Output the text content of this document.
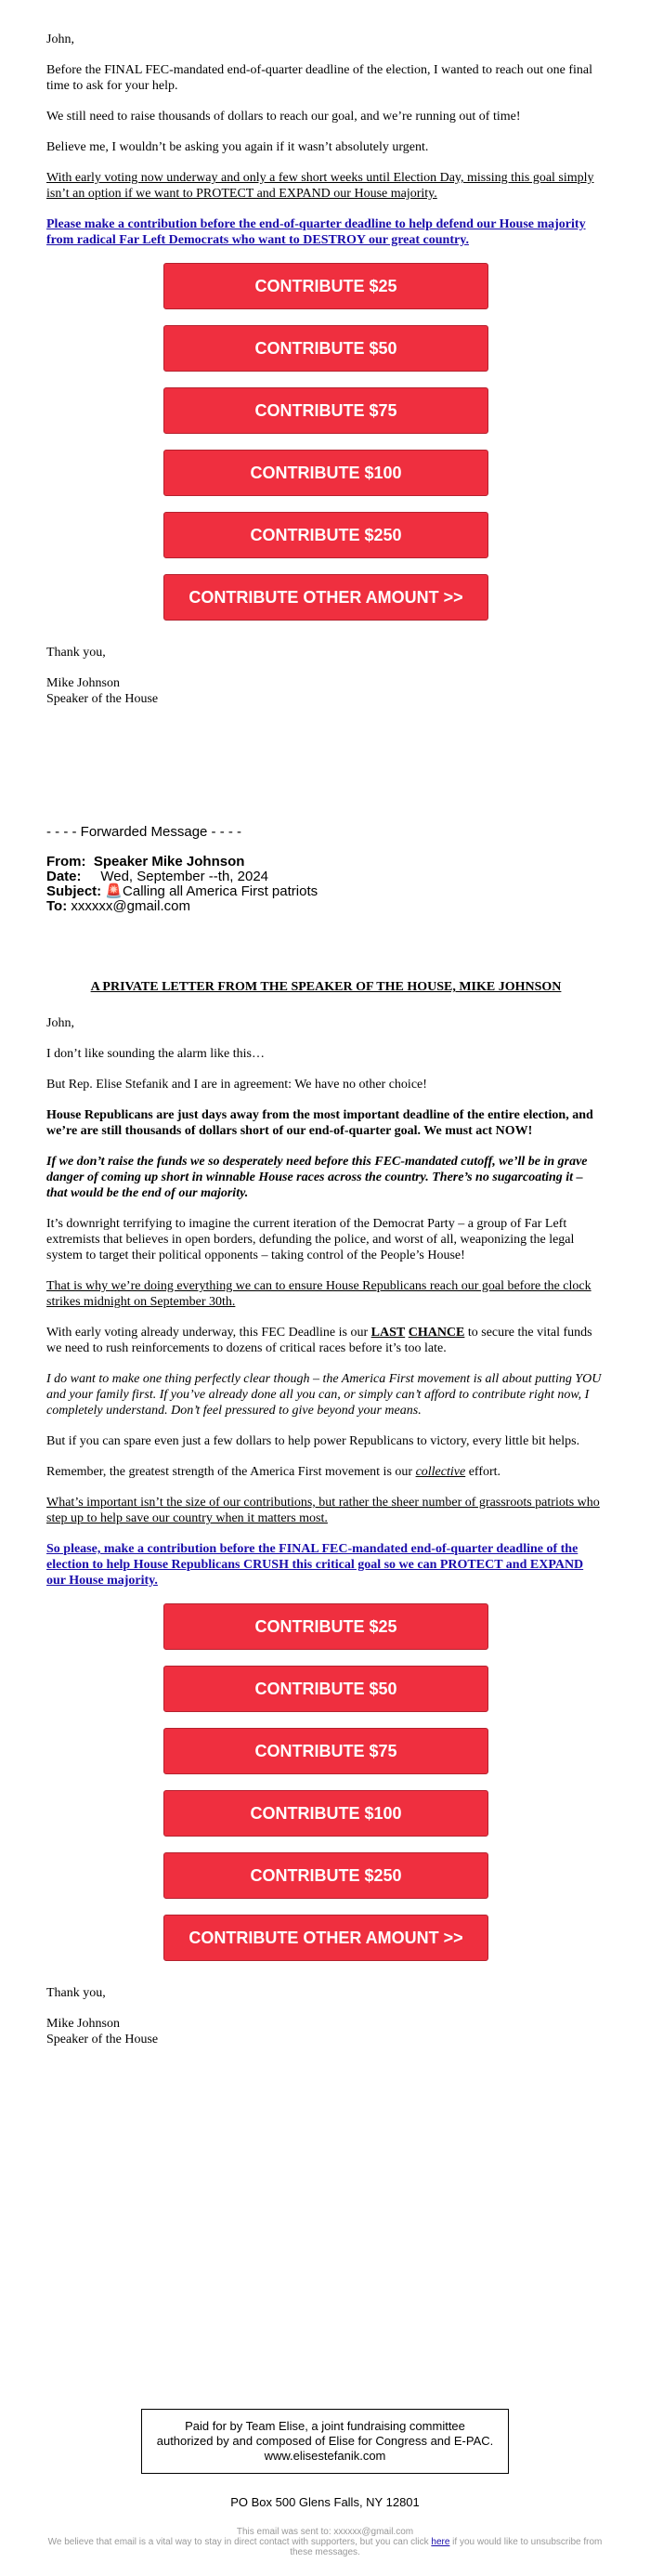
John,

Before the FINAL FEC-mandated end-of-quarter deadline of the election, I wanted to reach out one final time to ask for your help.

We still need to raise thousands of dollars to reach our goal, and we’re running out of time!

Believe me, I wouldn’t be asking you again if it wasn’t absolutely urgent.

With early voting now underway and only a few short weeks until Election Day, missing this goal simply isn’t an option if we want to PROTECT and EXPAND our House majority.

Please make a contribution before the end-of-quarter deadline to help defend our House majority from radical Far Left Democrats who want to DESTROY our great country.

CONTRIBUTE $25
CONTRIBUTE $50
CONTRIBUTE $75
CONTRIBUTE $100
CONTRIBUTE $250
CONTRIBUTE OTHER AMOUNT >>

Thank you,

Mike Johnson
Speaker of the House
- - - - Forwarded Message - - - -
From: Speaker Mike Johnson
Date: Wed, September --th, 2024
Subject: 🚨Calling all America First patriots
To: xxxxxx@gmail.com
A PRIVATE LETTER FROM THE SPEAKER OF THE HOUSE, MIKE JOHNSON

John,

I don’t like sounding the alarm like this…

But Rep. Elise Stefanik and I are in agreement: We have no other choice!

House Republicans are just days away from the most important deadline of the entire election, and we’re are still thousands of dollars short of our end-of-quarter goal. We must act NOW!

If we don’t raise the funds we so desperately need before this FEC-mandated cutoff, we’ll be in grave danger of coming up short in winnable House races across the country. There’s no sugarcoating it – that would be the end of our majority.

It’s downright terrifying to imagine the current iteration of the Democrat Party – a group of Far Left extremists that believes in open borders, defunding the police, and worst of all, weaponizing the legal system to target their political opponents – taking control of the People’s House!

That is why we’re doing everything we can to ensure House Republicans reach our goal before the clock strikes midnight on September 30th.

With early voting already underway, this FEC Deadline is our LAST CHANCE to secure the vital funds we need to rush reinforcements to dozens of critical races before it’s too late.

I do want to make one thing perfectly clear though – the America First movement is all about putting YOU and your family first. If you’ve already done all you can, or simply can’t afford to contribute right now, I completely understand. Don’t feel pressured to give beyond your means.

But if you can spare even just a few dollars to help power Republicans to victory, every little bit helps.

Remember, the greatest strength of the America First movement is our collective effort.

What’s important isn’t the size of our contributions, but rather the sheer number of grassroots patriots who step up to help save our country when it matters most.

So please, make a contribution before the FINAL FEC-mandated end-of-quarter deadline of the election to help House Republicans CRUSH this critical goal so we can PROTECT and EXPAND our House majority.

CONTRIBUTE $25
CONTRIBUTE $50
CONTRIBUTE $75
CONTRIBUTE $100
CONTRIBUTE $250
CONTRIBUTE OTHER AMOUNT >>

Thank you,

Mike Johnson
Speaker of the House
Paid for by Team Elise, a joint fundraising committee authorized by and composed of Elise for Congress and E-PAC. www.elisestefanik.com
PO Box 500 Glens Falls, NY 12801
This email was sent to: xxxxxx@gmail.com
We believe that email is a vital way to stay in direct contact with supporters, but you can click here if you would like to unsubscribe from these messages.
